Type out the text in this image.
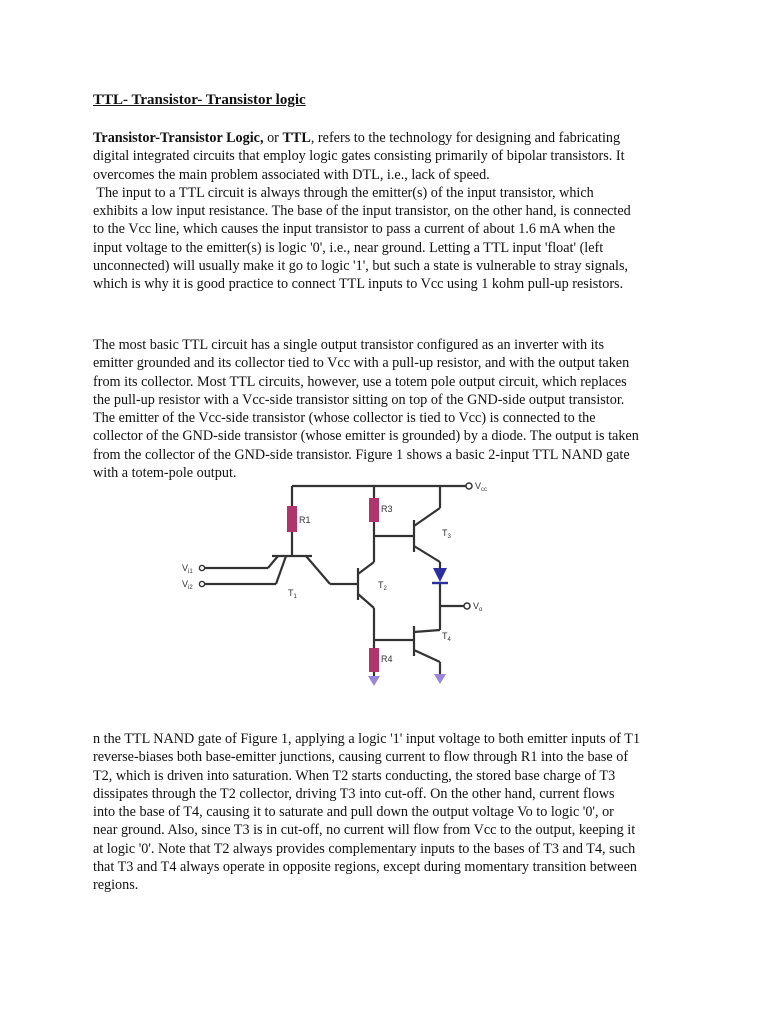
TTL- Transistor- Transistor logic
Transistor-Transistor Logic, or TTL, refers to the technology for designing and fabricating
digital integrated circuits that employ logic gates consisting primarily of bipolar transistors. It
overcomes the main problem associated with DTL, i.e., lack of speed.
The input to a TTL circuit is always through the emitter(s) of the input transistor, which
exhibits a low input resistance. The base of the input transistor, on the other hand, is connected
to the Vcc line, which causes the input transistor to pass a current of about 1.6 mA when the
input voltage to the emitter(s) is logic '0', i.e., near ground. Letting a TTL input 'float' (left
unconnected) will usually make it go to logic '1', but such a state is vulnerable to stray signals,
which is why it is good practice to connect TTL inputs to Vcc using 1 kohm pull-up resistors.
The most basic TTL circuit has a single output transistor configured as an inverter with its
emitter grounded and its collector tied to Vcc with a pull-up resistor, and with the output taken
from its collector. Most TTL circuits, however, use a totem pole output circuit, which replaces
the pull-up resistor with a Vcc-side transistor sitting on top of the GND-side output transistor.
The emitter of the Vcc-side transistor (whose collector is tied to Vcc) is connected to the
collector of the GND-side transistor (whose emitter is grounded) by a diode. The output is taken
from the collector of the GND-side transistor. Figure 1 shows a basic 2-input TTL NAND gate
with a totem-pole output.
$V_{cc}$
R1
R3
R4
$T_1$
$T_2$
$T_3$
$T_4$
$V_{i1}$
$V_{i2}$
$V_o$
n the TTL NAND gate of Figure 1, applying a logic '1' input voltage to both emitter inputs of T1
reverse-biases both base-emitter junctions, causing current to flow through R1 into the base of
T2, which is driven into saturation. When T2 starts conducting, the stored base charge of T3
dissipates through the T2 collector, driving T3 into cut-off. On the other hand, current flows
into the base of T4, causing it to saturate and pull down the output voltage Vo to logic '0', or
near ground. Also, since T3 is in cut-off, no current will flow from Vcc to the output, keeping it
at logic '0'. Note that T2 always provides complementary inputs to the bases of T3 and T4, such
that T3 and T4 always operate in opposite regions, except during momentary transition between
regions.
